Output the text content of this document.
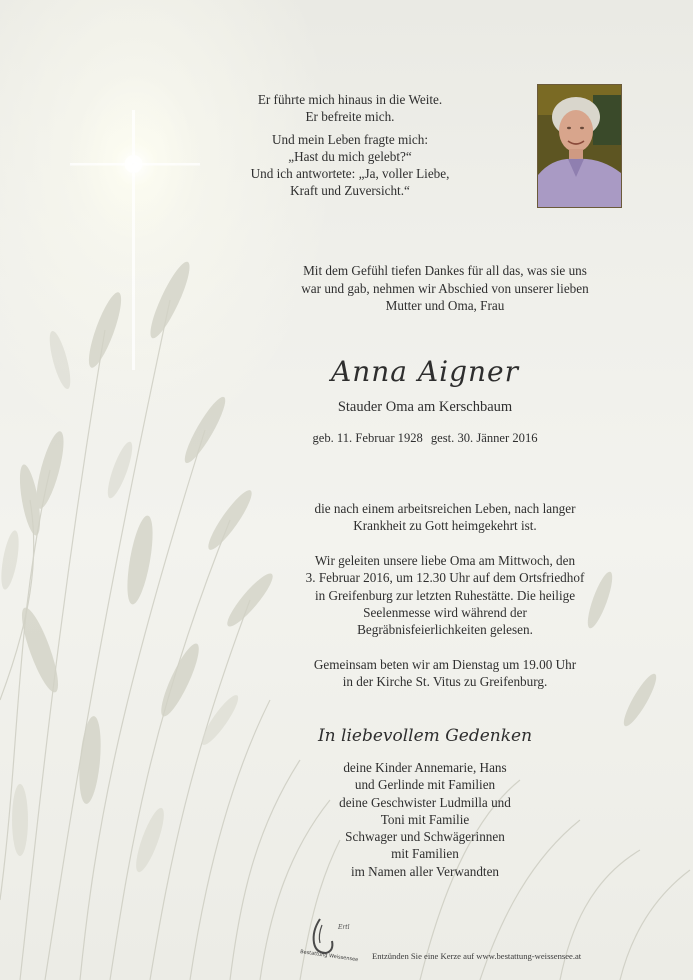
Er führte mich hinaus in die Weite.
Er befreite mich.

Und mein Leben fragte mich:
„Hast du mich gelebt?“
Und ich antwortete: „Ja, voller Liebe,
Kraft und Zuversicht.“

Mit dem Gefühl tiefen Dankes für all das, was sie uns
war und gab, nehmen wir Abschied von unserer lieben
Mutter und Oma, Frau
Anna Aigner
Stauder Oma am Kerschbaum
geb. 11. Februar 1928 gest. 30. Jänner 2016

die nach einem arbeitsreichen Leben, nach langer
Krankheit zu Gott heimgekehrt ist.

Wir geleiten unsere liebe Oma am Mittwoch, den
3. Februar 2016, um 12.30 Uhr auf dem Ortsfriedhof
in Greifenburg zur letzten Ruhestätte. Die heilige
Seelenmesse wird während der
Begräbnisfeierlichkeiten gelesen.

Gemeinsam beten wir am Dienstag um 19.00 Uhr
in der Kirche St. Vitus zu Greifenburg.

In liebevollem Gedenken
deine Kinder Annemarie, Hans
und Gerlinde mit Familien
deine Geschwister Ludmilla und
Toni mit Familie
Schwager und Schwägerinnen
mit Familien
im Namen aller Verwandten
Ertl
Bestattung Weissensee Entzünden Sie eine Kerze auf www.bestattung-weissensee.at
